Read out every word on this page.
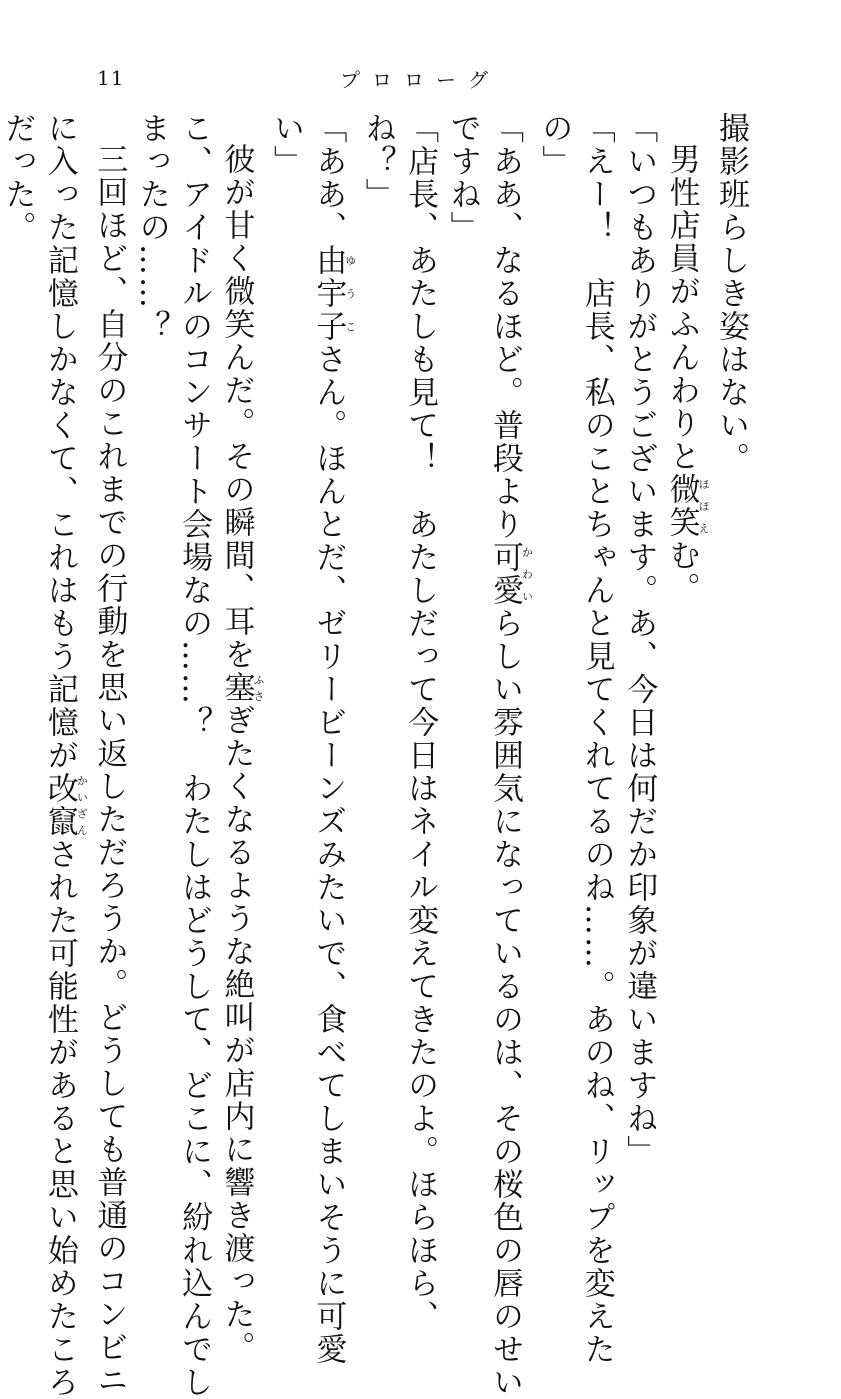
11	プロローグ
撮影班らしき姿はない。
男性店員がふんわりと微笑ほほえむ。
「いつもありがとうございます。あ、今日は何だか印象が違いますね」
「えー！　店長、私のことちゃんと見てくれてるのね……。あのね、リップを変えた
の」
「ああ、なるほど。普段より可愛かわいらしい雰囲気になっているのは、その桜色の唇のせい
ですね」
「店長、あたしも見て！　あたしだって今日はネイル変えてきたのよ。ほらほら、
ね？」
「ああ、由宇子ゆうこさん。ほんとだ、ゼリービーンズみたいで、食べてしまいそうに可愛
い」
彼が甘く微笑んだ。その瞬間、耳を塞ふさぎたくなるような絶叫が店内に響き渡った。
こ、アイドルのコンサート会場なの……？　わたしはどうして、どこに、紛れ込んでし
まったの……？
三回ほど、自分のこれまでの行動を思い返しただろうか。どうしても普通のコンビニ
に入った記憶しかなくて、これはもう記憶が改竄かいざんされた可能性があると思い始めたころ
だった。
